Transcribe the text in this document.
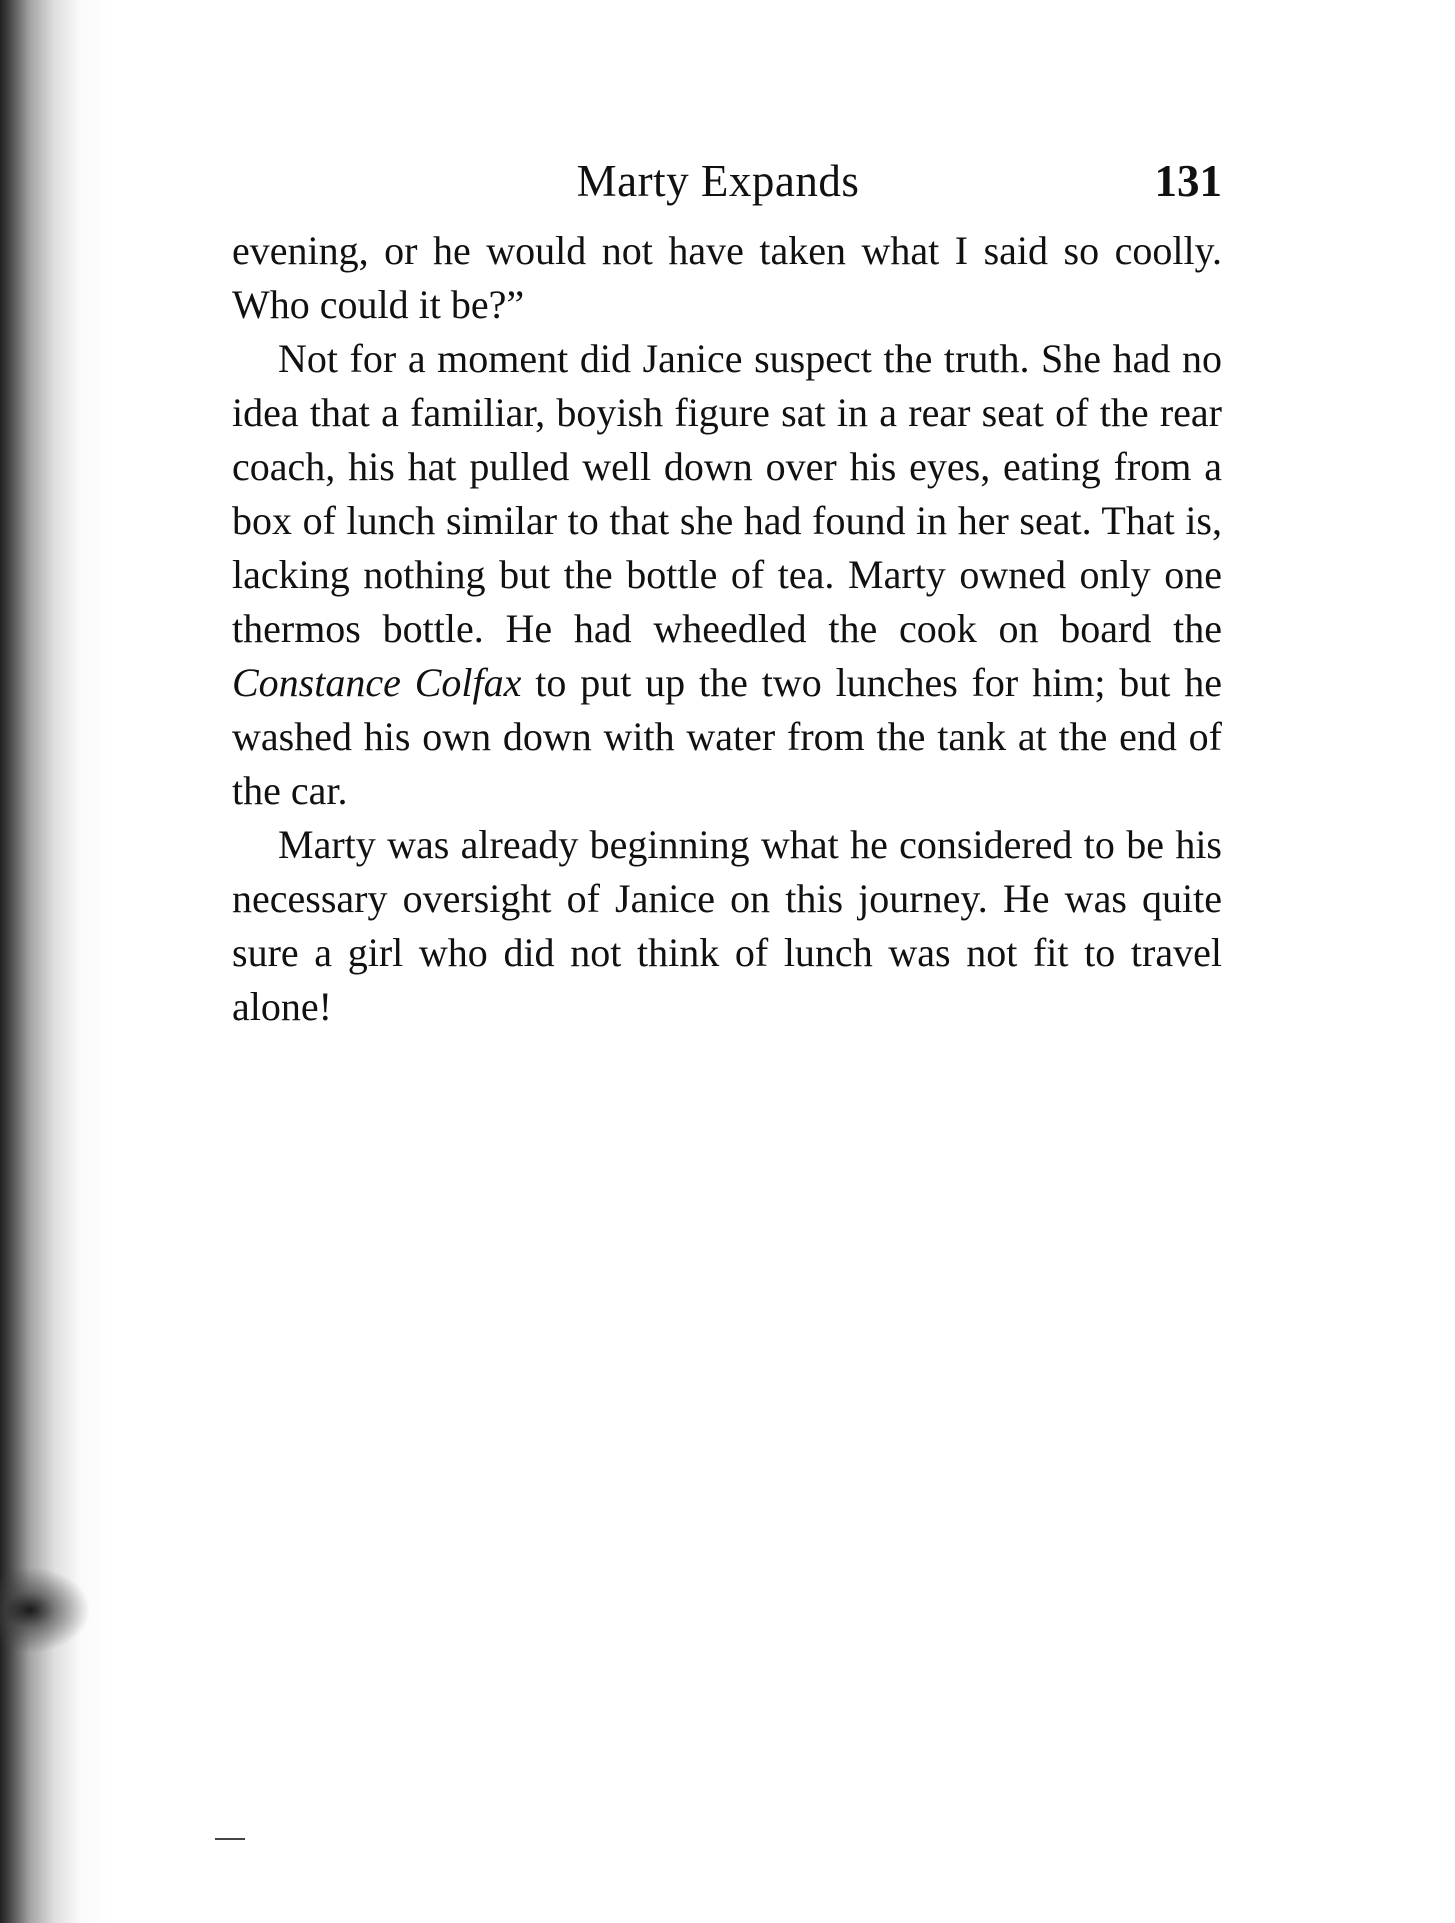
Marty Expands	131

evening, or he would not have taken what I said so coolly. Who could it be?”

Not for a moment did Janice suspect the truth. She had no idea that a familiar, boyish figure sat in a rear seat of the rear coach, his hat pulled well down over his eyes, eating from a box of lunch similar to that she had found in her seat. That is, lacking nothing but the bottle of tea. Marty owned only one thermos bottle. He had wheedled the cook on board the Constance Colfax to put up the two lunches for him; but he washed his own down with water from the tank at the end of the car.

Marty was already beginning what he considered to be his necessary oversight of Janice on this journey. He was quite sure a girl who did not think of lunch was not fit to travel alone!
